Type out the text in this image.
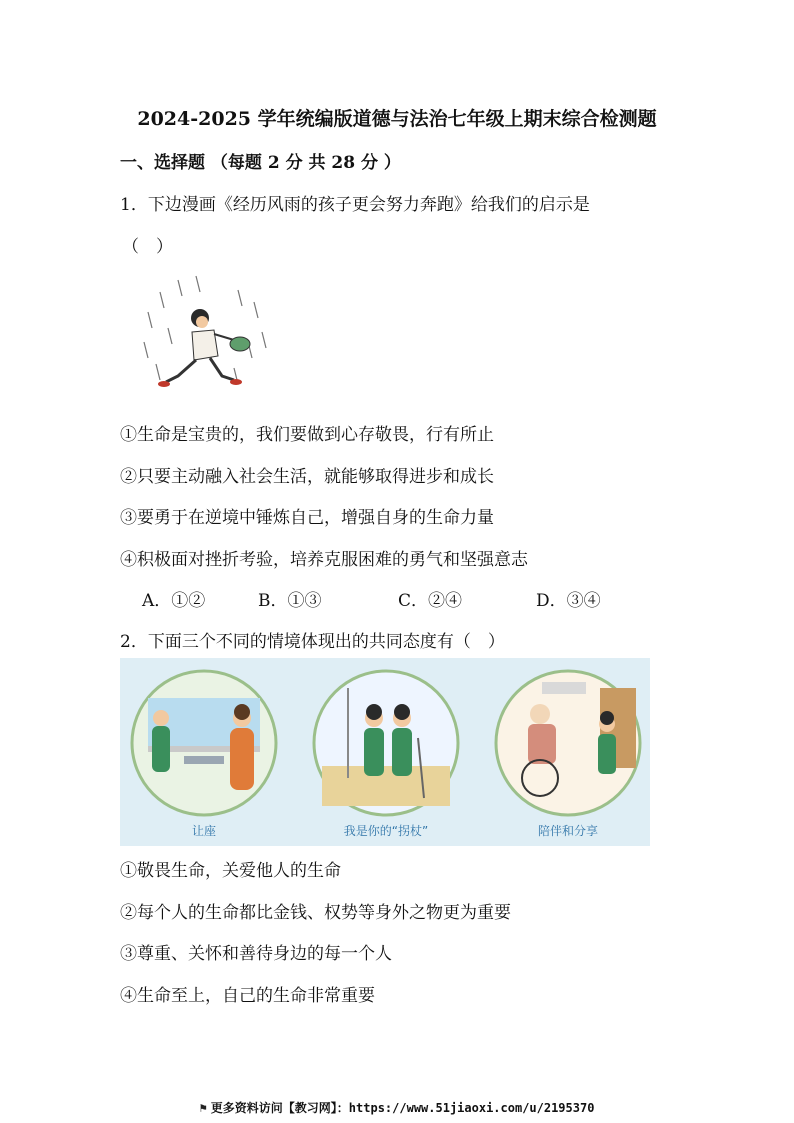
2024-2025 学年统编版道德与法治七年级上期末综合检测题
一、选择题 （每题 2 分 共 28 分 ）
1．下边漫画《经历风雨的孩子更会努力奔跑》给我们的启示是
（　）
①生命是宝贵的，我们要做到心存敬畏，行有所止
②只要主动融入社会生活，就能够取得进步和成长
③要勇于在逆境中锤炼自己，增强自身的生命力量
④积极面对挫折考验，培养克服困难的勇气和坚强意志
A．①②	B．①③	C．②④	D．③④
2．下面三个不同的情境体现出的共同态度有（　）
让座	我是你的“拐杖”	陪伴和分享
①敬畏生命，关爱他人的生命
②每个人的生命都比金钱、权势等身外之物更为重要
③尊重、关怀和善待身边的每一个人
④生命至上，自己的生命非常重要
⚑ 更多资料访问【教习网】：https://www.51jiaoxi.com/u/2195370
